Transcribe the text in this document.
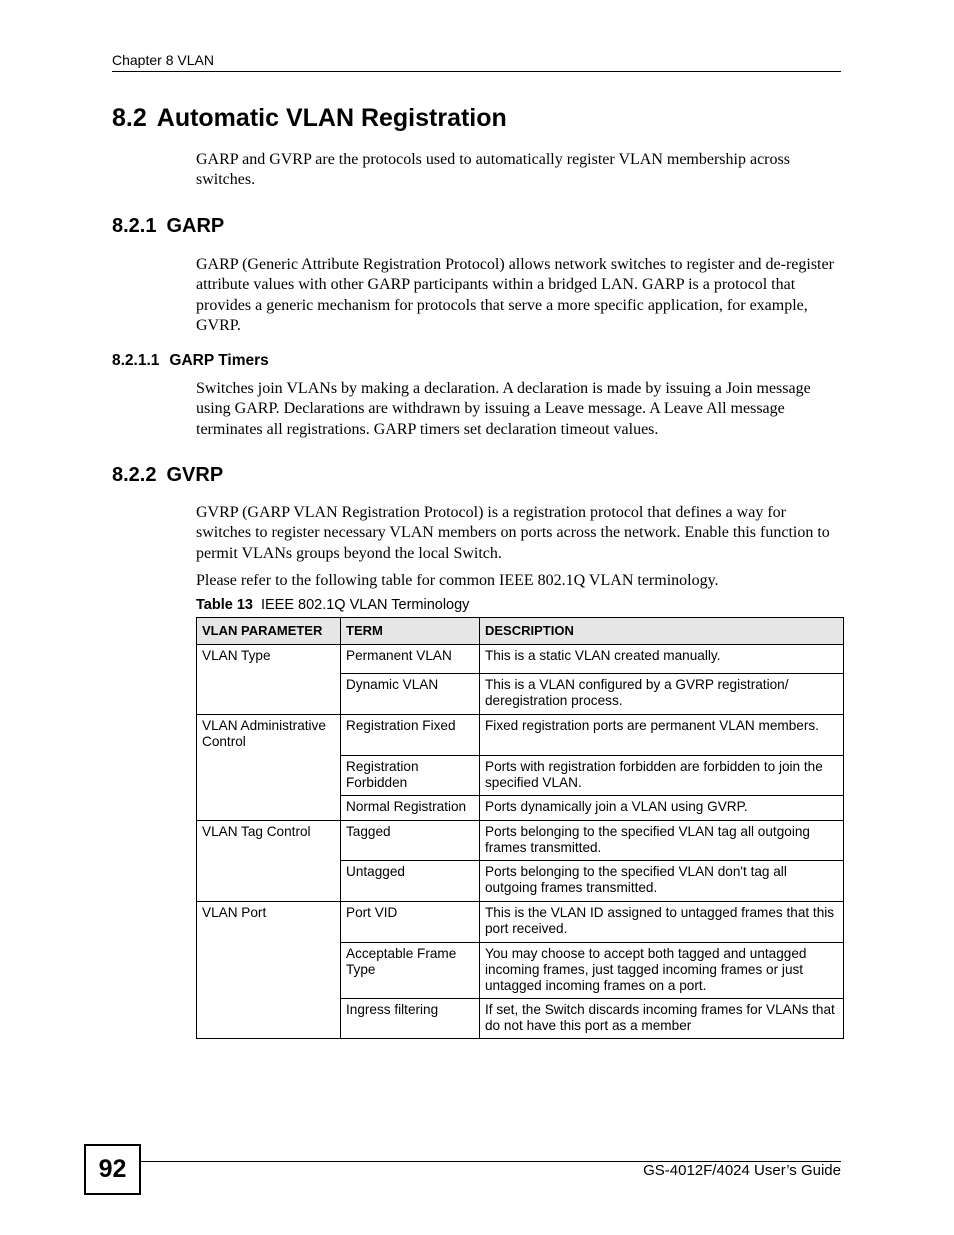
Chapter 8 VLAN
8.2 Automatic VLAN Registration

GARP and GVRP are the protocols used to automatically register VLAN membership across switches.

8.2.1 GARP

GARP (Generic Attribute Registration Protocol) allows network switches to register and de-register attribute values with other GARP participants within a bridged LAN. GARP is a protocol that provides a generic mechanism for protocols that serve a more specific application, for example, GVRP.

8.2.1.1 GARP Timers

Switches join VLANs by making a declaration. A declaration is made by issuing a Join message using GARP. Declarations are withdrawn by issuing a Leave message. A Leave All message terminates all registrations. GARP timers set declaration timeout values.

8.2.2 GVRP

GVRP (GARP VLAN Registration Protocol) is a registration protocol that defines a way for switches to register necessary VLAN members on ports across the network. Enable this function to permit VLANs groups beyond the local Switch.

Please refer to the following table for common IEEE 802.1Q VLAN terminology.

Table 13 IEEE 802.1Q VLAN Terminology
VLAN PARAMETER	TERM	DESCRIPTION
VLAN Type	Permanent VLAN	This is a static VLAN created manually.
	Dynamic VLAN	This is a VLAN configured by a GVRP registration/ deregistration process.
VLAN Administrative Control	Registration Fixed	Fixed registration ports are permanent VLAN members.
	Registration Forbidden	Ports with registration forbidden are forbidden to join the specified VLAN.
	Normal Registration	Ports dynamically join a VLAN using GVRP.
VLAN Tag Control	Tagged	Ports belonging to the specified VLAN tag all outgoing frames transmitted.
	Untagged	Ports belonging to the specified VLAN don't tag all outgoing frames transmitted.
VLAN Port	Port VID	This is the VLAN ID assigned to untagged frames that this port received.
	Acceptable Frame Type	You may choose to accept both tagged and untagged incoming frames, just tagged incoming frames or just untagged incoming frames on a port.
	Ingress filtering	If set, the Switch discards incoming frames for VLANs that do not have this port as a member
92	GS-4012F/4024 User’s Guide
